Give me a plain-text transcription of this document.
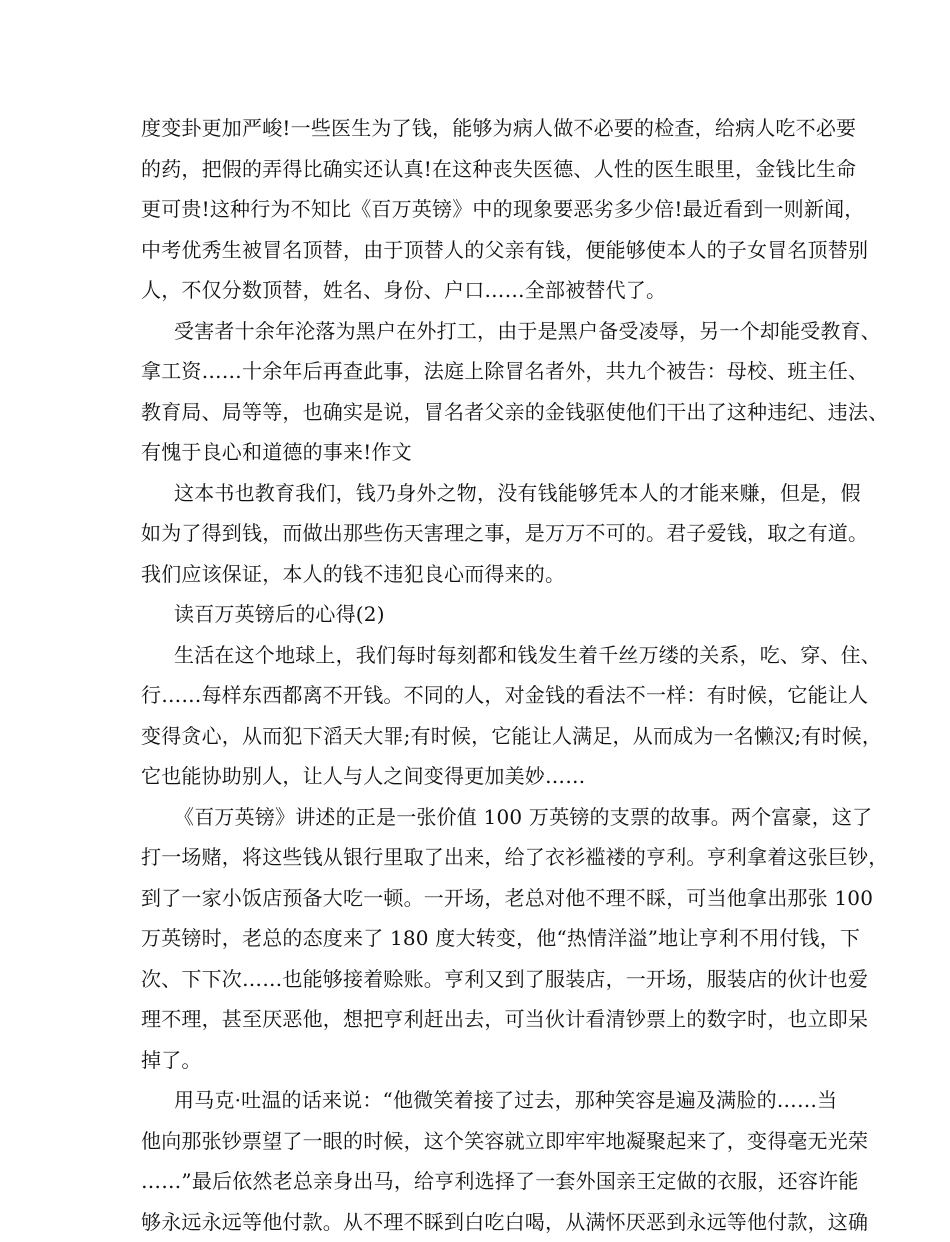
度变卦更加严峻!一些医生为了钱，能够为病人做不必要的检查，给病人吃不必要
的药，把假的弄得比确实还认真!在这种丧失医德、人性的医生眼里，金钱比生命
更可贵!这种行为不知比《百万英镑》中的现象要恶劣多少倍!最近看到一则新闻，
中考优秀生被冒名顶替，由于顶替人的父亲有钱，便能够使本人的子女冒名顶替别
人，不仅分数顶替，姓名、身份、户口……全部被替代了。

受害者十余年沦落为黑户在外打工，由于是黑户备受凌辱，另一个却能受教育、
拿工资……十余年后再查此事，法庭上除冒名者外，共九个被告：母校、班主任、
教育局、局等等，也确实是说，冒名者父亲的金钱驱使他们干出了这种违纪、违法、
有愧于良心和道德的事来!作文

这本书也教育我们，钱乃身外之物，没有钱能够凭本人的才能来赚，但是，假
如为了得到钱，而做出那些伤天害理之事，是万万不可的。君子爱钱，取之有道。
我们应该保证，本人的钱不违犯良心而得来的。

读百万英镑后的心得(2)

生活在这个地球上，我们每时每刻都和钱发生着千丝万缕的关系，吃、穿、住、
行……每样东西都离不开钱。不同的人，对金钱的看法不一样：有时候，它能让人
变得贪心，从而犯下滔天大罪;有时候，它能让人满足，从而成为一名懒汉;有时候，
它也能协助别人，让人与人之间变得更加美妙……

《百万英镑》讲述的正是一张价值 100 万英镑的支票的故事。两个富豪，这了
打一场赌，将这些钱从银行里取了出来，给了衣衫褴褛的亨利。亨利拿着这张巨钞，
到了一家小饭店预备大吃一顿。一开场，老总对他不理不睬，可当他拿出那张 100
万英镑时，老总的态度来了 180 度大转变，他“热情洋溢”地让亨利不用付钱，下
次、下下次……也能够接着赊账。亨利又到了服装店，一开场，服装店的伙计也爱
理不理，甚至厌恶他，想把亨利赶出去，可当伙计看清钞票上的数字时，也立即呆
掉了。

用马克·吐温的话来说：“他微笑着接了过去，那种笑容是遍及满脸的……当
他向那张钞票望了一眼的时候，这个笑容就立即牢牢地凝聚起来了，变得毫无光荣
……”最后依然老总亲身出马，给亨利选择了一套外国亲王定做的衣服，还容许能
够永远永远等他付款。从不理不睬到白吃白喝，从满怀厌恶到永远等他付款，这确
